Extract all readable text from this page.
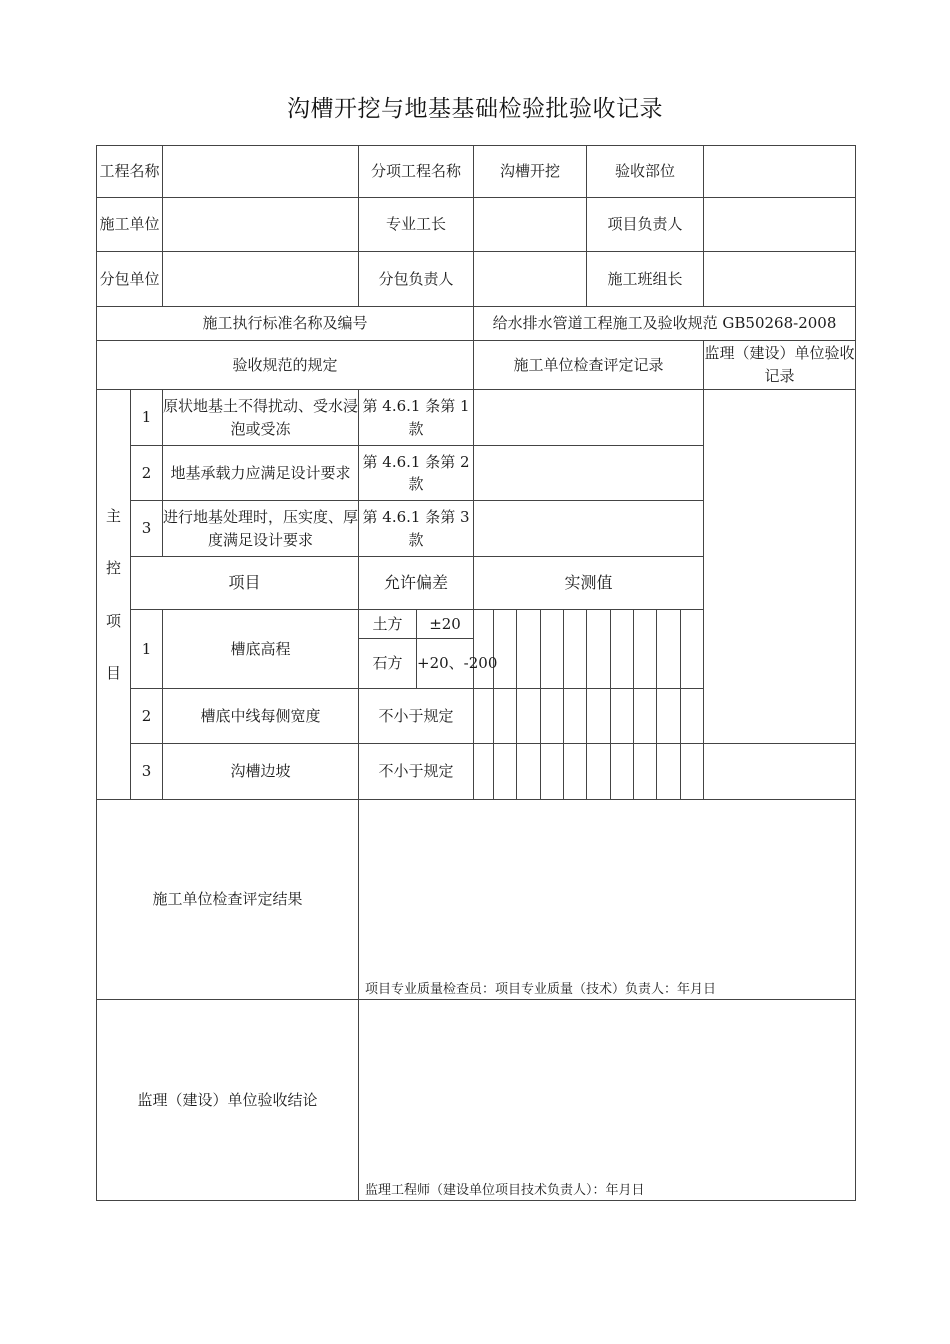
沟槽开挖与地基基础检验批验收记录
工程名称			分项工程名称		沟槽开挖					验收部位					
施工单位			专业工长							项目负责人					
分包单位			分包负责人							施工班组长					
施工执行标准名称及编号					给水排水管道工程施工及验收规范 GB50268-2008										
验收规范的规定					施工单位检查评定记录										监理（建设）单位验收记录

主
控
项
目	1	原状地基土不得扰动、受水浸泡或受冻	第 4.6.1 条第 1 款												
	2	地基承载力应满足设计要求	第 4.6.1 条第 2 款												
	3	进行地基处理时，压实度、厚度满足设计要求	第 4.6.1 条第 3 款												
	项目		允许偏差		实测值										
	1	槽底高程	土方	±20											
			石方	+20、-200											
	2	槽底中线每侧宽度	不小于规定												
	3	沟槽边坡	不小于规定												
施工单位检查评定结果			项目专业质量检查员：项目专业质量（技术）负责人：年月日												

监理（建设）单位验收结论			监理工程师（建设单位项目技术负责人）：年月日												
